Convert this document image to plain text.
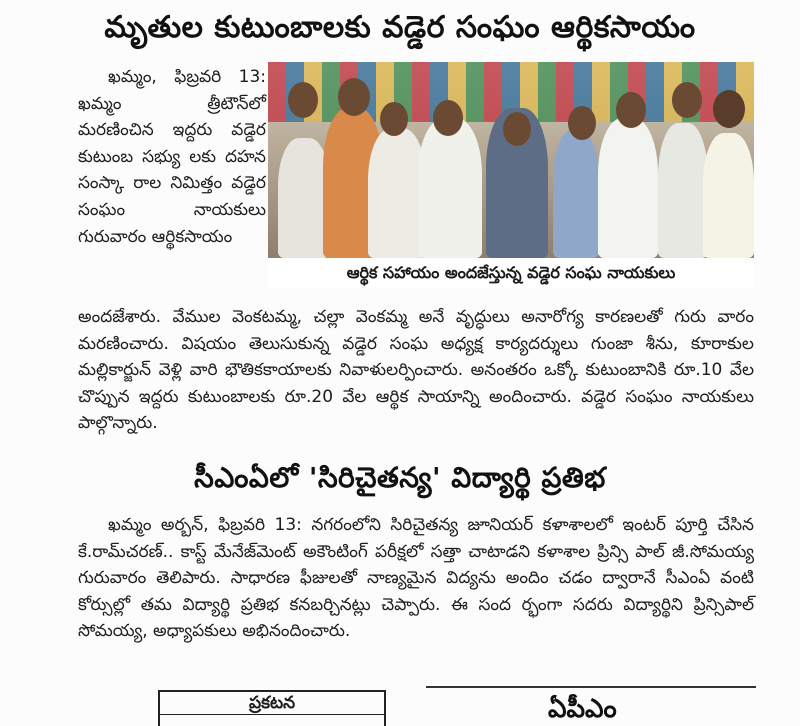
మృతుల కుటుంబాలకు వడ్డెర సంఘం ఆర్థికసాయం

ఖమ్మం, ఫిబ్రవరి 13: ఖమ్మం త్రీటౌన్‌లో మరణించిన ఇద్దరు వడ్డెర కుటుంబ సభ్యు లకు దహన సంస్కా రాల నిమిత్తం వడ్డెర సంఘం నాయకులు గురువారం ఆర్థికసాయం

ఆర్థిక సహాయం అందజేస్తున్న వడ్డెర సంఘ నాయకులు

అందజేశారు. వేముల వెంకటమ్మ, చల్లా వెంకమ్మ అనే వృద్ధులు అనారోగ్య కారణలతో గురు వారం మరణించారు. విషయం తెలుసుకున్న వడ్డెర సంఘ అధ్యక్ష కార్యదర్శులు గుంజా శీను, కూరాకుల మల్లికార్జున్ వెళ్లి వారి భౌతికకాయాలకు నివాళులర్పించారు. అనంతరం ఒక్కో కుటుంబానికి రూ.10 వేల చొప్పున ఇద్దరు కుటుంబాలకు రూ.20 వేల ఆర్థిక సాయాన్ని అందించారు. వడ్డెర సంఘం నాయకులు పాల్గొన్నారు.

సీఎంఏలో 'సిరిచైతన్య' విద్యార్థి ప్రతిభ

ఖమ్మం అర్బన్, ఫిబ్రవరి 13: నగరంలోని సిరిచైతన్య జూనియర్ కళాశాలలో ఇంటర్ పూర్తి చేసిన కే.రామ్‌చరణ్.. కాస్ట్ మేనేజ్‌మెంట్ అకౌంటింగ్ పరీక్షలో సత్తా చాటాడని కళాశాల ప్రిన్సి పాల్ జీ.సోమయ్య గురువారం తెలిపారు. సాధారణ ఫీజులతో నాణ్యమైన విద్యను అందిం చడం ద్వారానే సీఎంఏ వంటి కోర్సుల్లో తమ విద్యార్థి ప్రతిభ కనబర్చినట్లు చెప్పారు. ఈ సంద ర్భంగా సదరు విద్యార్థిని ప్రిన్సిపాల్ సోమయ్య, అధ్యాపకులు అభినందించారు.

ప్రకటన	ఏపీఎం
